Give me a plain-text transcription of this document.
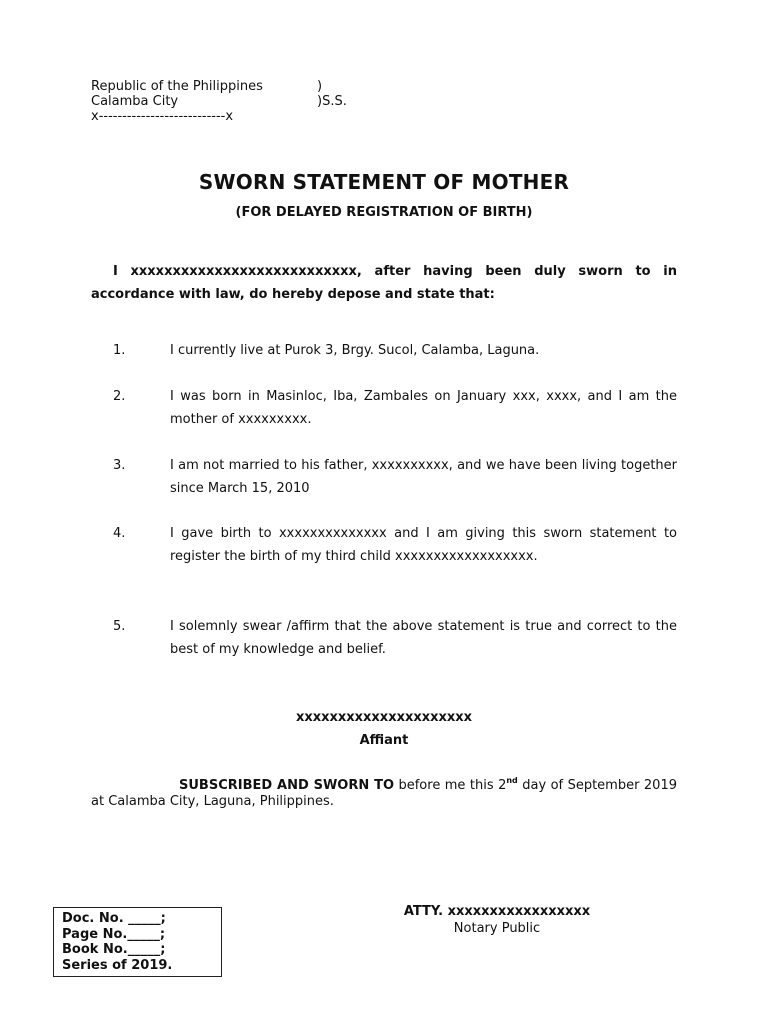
Republic of the Philippines	)
Calamba City	)S.S.
x---------------------------x
SWORN STATEMENT OF MOTHER
(FOR DELAYED REGISTRATION OF BIRTH)
I xxxxxxxxxxxxxxxxxxxxxxxxxxx, after having been duly sworn to in accordance with law, do hereby depose and state that:
1.	I currently live at Purok 3, Brgy. Sucol, Calamba, Laguna.
2.	I was born in Masinloc, Iba, Zambales on January xxx, xxxx, and I am the mother of xxxxxxxxx.
3.	I am not married to his father, xxxxxxxxxx, and we have been living together since March 15, 2010
4.	I gave birth to xxxxxxxxxxxxxx and I am giving this sworn statement to register the birth of my third child xxxxxxxxxxxxxxxxxx.
5.	I solemnly swear /affirm that the above statement is true and correct to the best of my knowledge and belief.
xxxxxxxxxxxxxxxxxxxxx
Affiant
SUBSCRIBED AND SWORN TO before me this 2nd day of September 2019 at Calamba City, Laguna, Philippines.
ATTY. xxxxxxxxxxxxxxxxx
Notary Public
Doc. No. _____;
Page No._____;
Book No._____;
Series of 2019.
